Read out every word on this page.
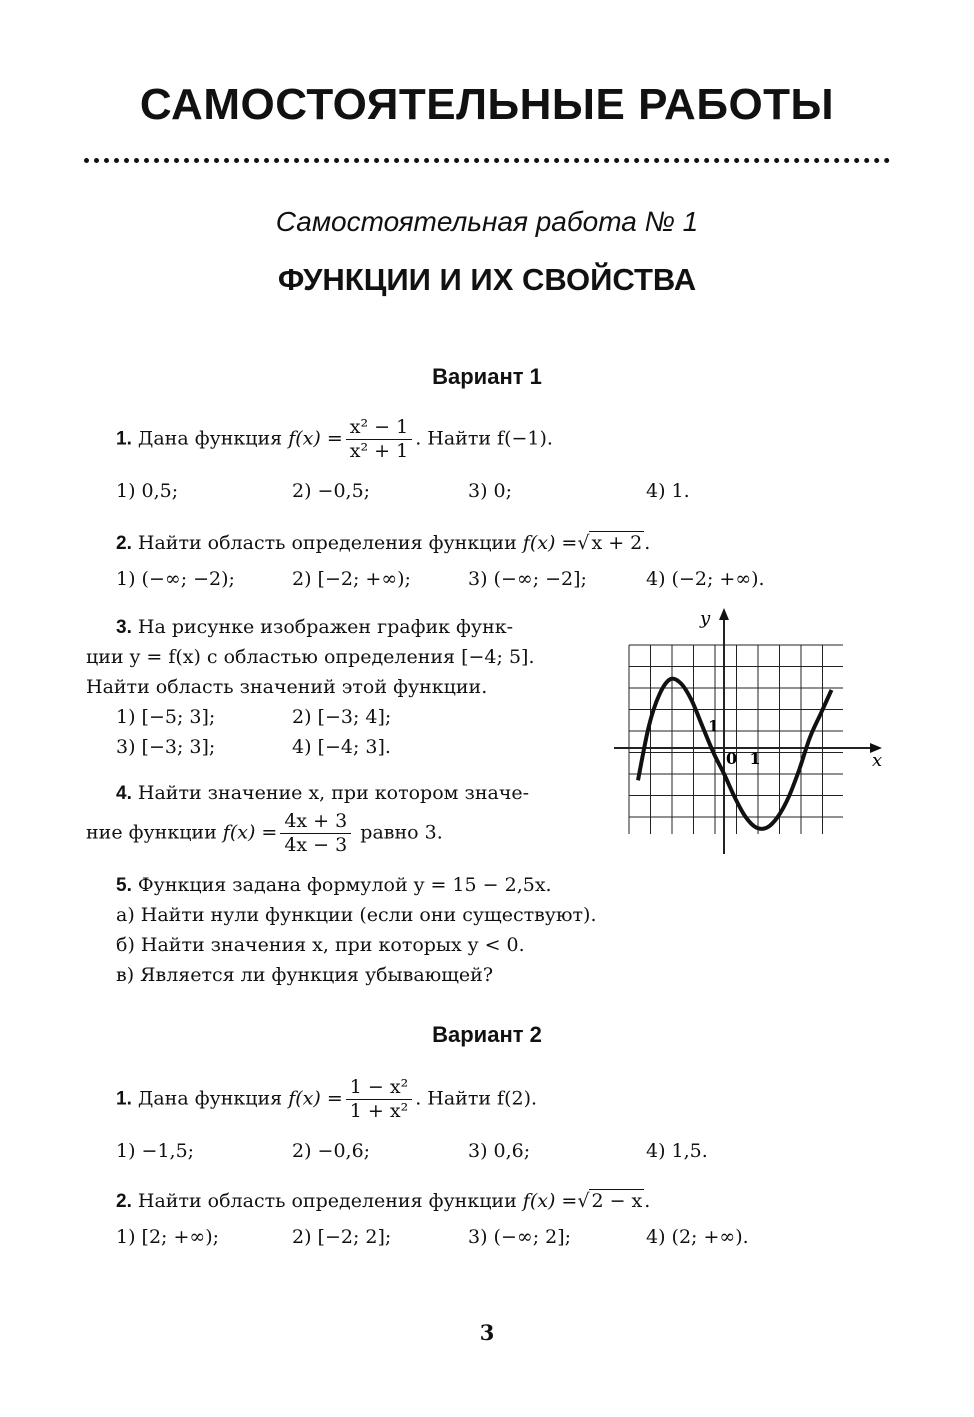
САМОСТОЯТЕЛЬНЫЕ РАБОТЫ
Самостоятельная работа № 1
ФУНКЦИИ И ИХ СВОЙСТВА
Вариант 1
1. Дана функция $f(x) = \frac{\text{x² − 1}}{\text{x² + 1}}$ . Найти f(−1).
1) 0,5;	2) −0,5;	3) 0;	4) 1.
2. Найти область определения функции f(x) =√ x + 2 .
1) (−∞; −2);	2) [−2; +∞);	3) (−∞; −2];	4) (−2; +∞).
3. На рисунке изображен график функ-
ции y = f(x) с областью определения [−4; 5].
Найти область значений этой функции.
1) [−5; 3];	2) [−3; 4];
3) [−3; 3];	4) [−4; 3].
y
x
0 1
1
4. Найти значение x, при котором значе-
ние функции $f(x) = \frac{4x + 3}{4x - 3}$ равно 3.
5. Функция задана формулой y = 15 − 2,5x.
а) Найти нули функции (если они существуют).
б) Найти значения x, при которых y < 0.
в) Является ли функция убывающей?
Вариант 2
1. Дана функция $f(x) = \frac{\text{1 − x²}}{\text{1 + x²}}$ . Найти f(2).
1) −1,5;	2) −0,6;	3) 0,6;	4) 1,5.
2. Найти область определения функции f(x) =√ 2 − x .
1) [2; +∞);	2) [−2; 2];	3) (−∞; 2];	4) (2; +∞).
3
